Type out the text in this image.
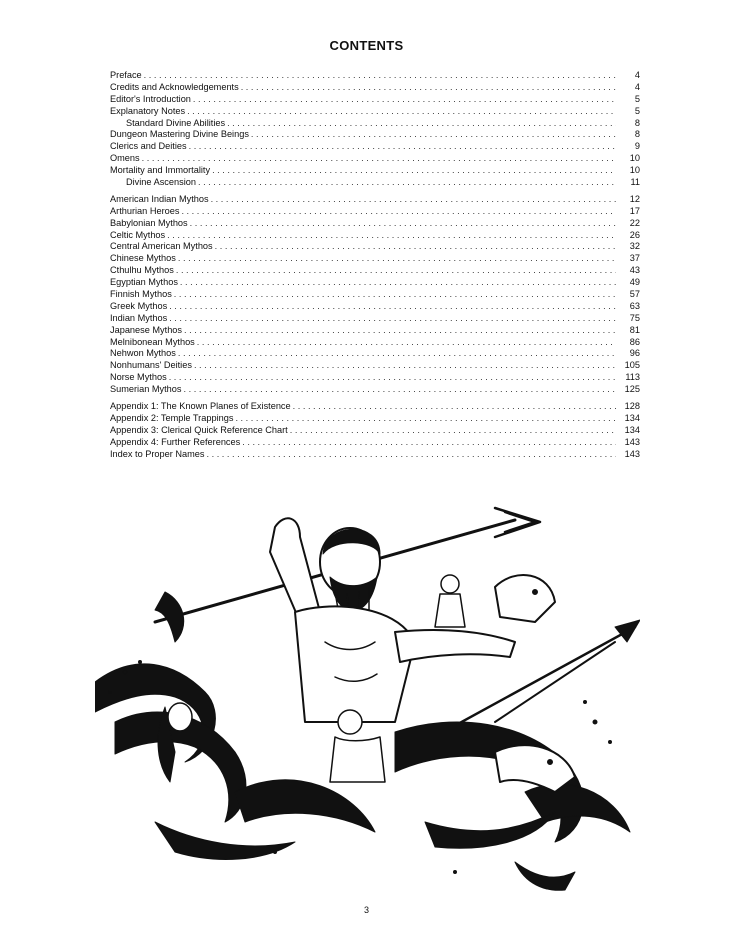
CONTENTS
Preface . . .	4
Credits and Acknowledgements . . .	4
Editor's Introduction . . .	5
Explanatory Notes . . .	5
Standard Divine Abilities . . .	8
Dungeon Mastering Divine Beings . . .	8
Clerics and Deities . . .	9
Omens . . .	10
Mortality and Immortality . . .	10
Divine Ascension . . .	11
American Indian Mythos . . .	12
Arthurian Heroes . . .	17
Babylonian Mythos . . .	22
Celtic Mythos . . .	26
Central American Mythos . . .	32
Chinese Mythos . . .	37
Cthulhu Mythos . . .	43
Egyptian Mythos . . .	49
Finnish Mythos . . .	57
Greek Mythos . . .	63
Indian Mythos . . .	75
Japanese Mythos . . .	81
Melnibonean Mythos . . .	86
Nehwon Mythos . . .	96
Nonhumans' Deities . . .	105
Norse Mythos . . .	113
Sumerian Mythos . . .	125
Appendix 1: The Known Planes of Existence . . .	128
Appendix 2: Temple Trappings . . .	134
Appendix 3: Clerical Quick Reference Chart . . .	134
Appendix 4: Further References . . .	143
Index to Proper Names . . .	143
3
